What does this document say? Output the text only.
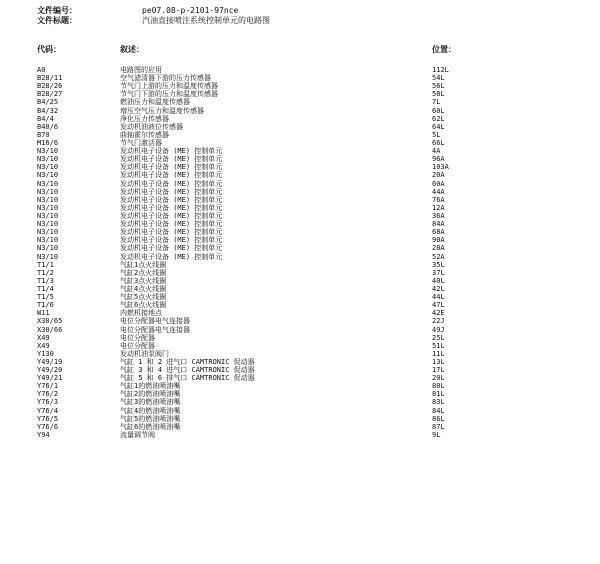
文件编号：	pe07.08-p-2101-97nce
文件标题：	汽油直接喷注系统控制单元的电路图
代码：	叙述：	位置：
A0	电路图的应用	112L
B28/11	空气滤清器下游的压力传感器	54L
B28/26	节气门上游的压力和温度传感器	56L
B28/27	节气门下游的压力和温度传感器	58L
B4/25	燃油压力和温度传感器	7L
B4/32	增压空气压力和温度传感器	60L
B4/4	净化压力传感器	62L
B40/6	发动机油液位传感器	64L
B70	曲轴霍尔传感器	5L
M16/6	节气门激活器	66L
N3/10	发动机电子设备 (ME) 控制单元	4A
N3/10	发动机电子设备 (ME) 控制单元	96A
N3/10	发动机电子设备 (ME) 控制单元	103A
N3/10	发动机电子设备 (ME) 控制单元	20A
N3/10	发动机电子设备 (ME) 控制单元	60A
N3/10	发动机电子设备 (ME) 控制单元	44A
N3/10	发动机电子设备 (ME) 控制单元	76A
N3/10	发动机电子设备 (ME) 控制单元	12A
N3/10	发动机电子设备 (ME) 控制单元	36A
N3/10	发动机电子设备 (ME) 控制单元	84A
N3/10	发动机电子设备 (ME) 控制单元	68A
N3/10	发动机电子设备 (ME) 控制单元	90A
N3/10	发动机电子设备 (ME) 控制单元	28A
N3/10	发动机电子设备 (ME) 控制单元	52A
T1/1	气缸1点火线圈	35L
T1/2	气缸2点火线圈	37L
T1/3	气缸3点火线圈	40L
T1/4	气缸4点火线圈	42L
T1/5	气缸5点火线圈	44L
T1/6	气缸6点火线圈	47L
W11	内燃机接地点	42E
X30/65	电位分配器电气连接器	22J
X30/66	电位分配器电气连接器	49J
X49	电位分配器	25L
X49	电位分配器	51L
Y130	发动机油泵阀门	11L
Y49/19	气缸 1 和 2 进气口 CAMTRONIC 促动器	13L
Y49/20	气缸 3 和 4 进气口 CAMTRONIC 促动器	17L
Y49/21	气缸 5 和 6 排气口 CAMTRONIC 促动器	20L
Y76/1	气缸1的燃油喷油嘴	80L
Y76/2	气缸2的燃油喷油嘴	81L
Y76/3	气缸3的燃油喷油嘴	83L
Y76/4	气缸4的燃油喷油嘴	84L
Y76/5	气缸5的燃油喷油嘴	86L
Y76/6	气缸6的燃油喷油嘴	87L
Y94	流量调节阀	9L
